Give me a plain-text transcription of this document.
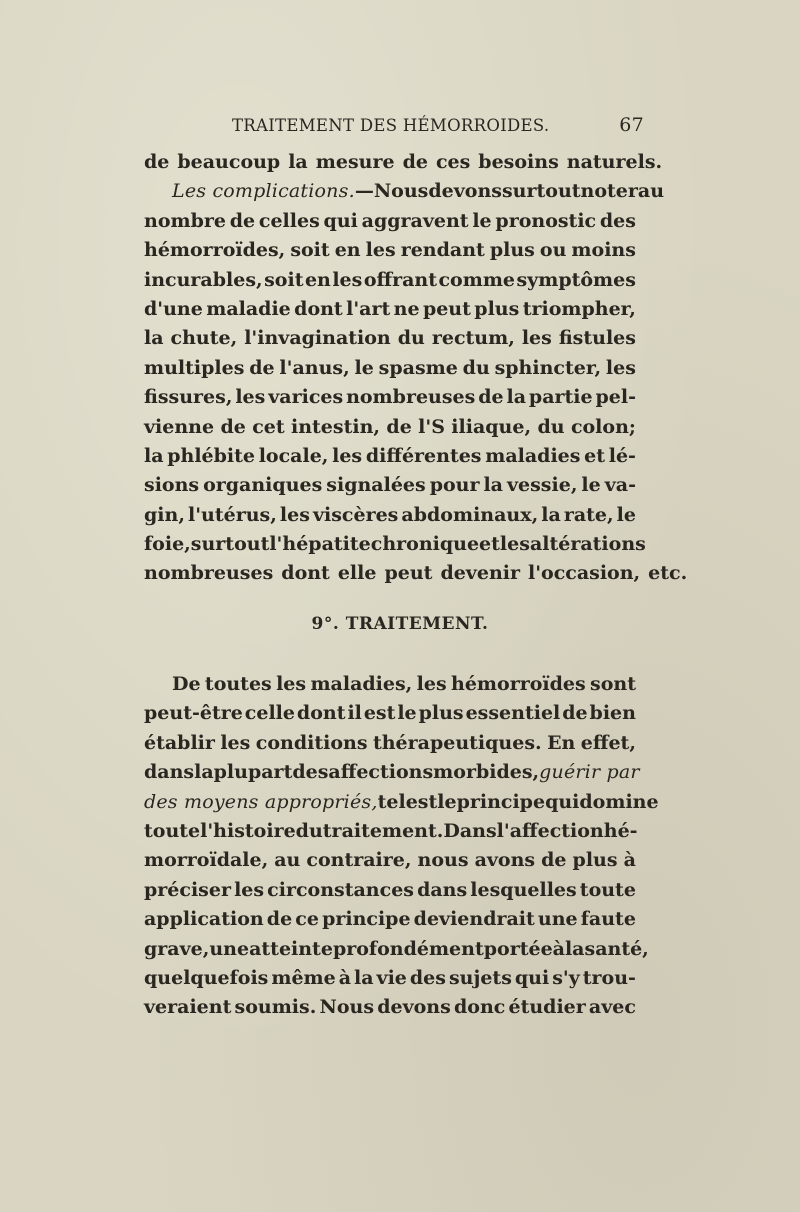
TRAITEMENT DES HÉMORROIDES.	67
de beaucoup la mesure de ces besoins naturels.
Les complications. —Nous devons surtout noter au
nombre de celles qui aggravent le pronostic des
hémorroïdes, soit en les rendant plus ou moins
incurables, soit en les offrant comme symptômes
d'une maladie dont l'art ne peut plus triompher,
la chute, l'invagination du rectum, les fistules
multiples de l'anus, le spasme du sphincter, les
fissures, les varices nombreuses de la partie pel-
vienne de cet intestin, de l'S iliaque, du colon;
la phlébite locale, les différentes maladies et lé-
sions organiques signalées pour la vessie, le va-
gin, l'utérus, les viscères abdominaux, la rate, le
foie, surtout l'hépatite chronique et les altérations
nombreuses dont elle peut devenir l'occasion, etc.
9°. TRAITEMENT.
De toutes les maladies, les hémorroïdes sont
peut-être celle dont il est le plus essentiel de bien
établir les conditions thérapeutiques. En effet,
dans la plupart des affections morbides, guérir par
des moyens appropriés, tel est le principe qui domine
toute l'histoire du traitement. Dans l'affection hé-
morroïdale, au contraire, nous avons de plus à
préciser les circonstances dans lesquelles toute
application de ce principe deviendrait une faute
grave, une atteinte profondément portée à la santé,
quelquefois même à la vie des sujets qui s'y trou-
veraient soumis. Nous devons donc étudier avec
